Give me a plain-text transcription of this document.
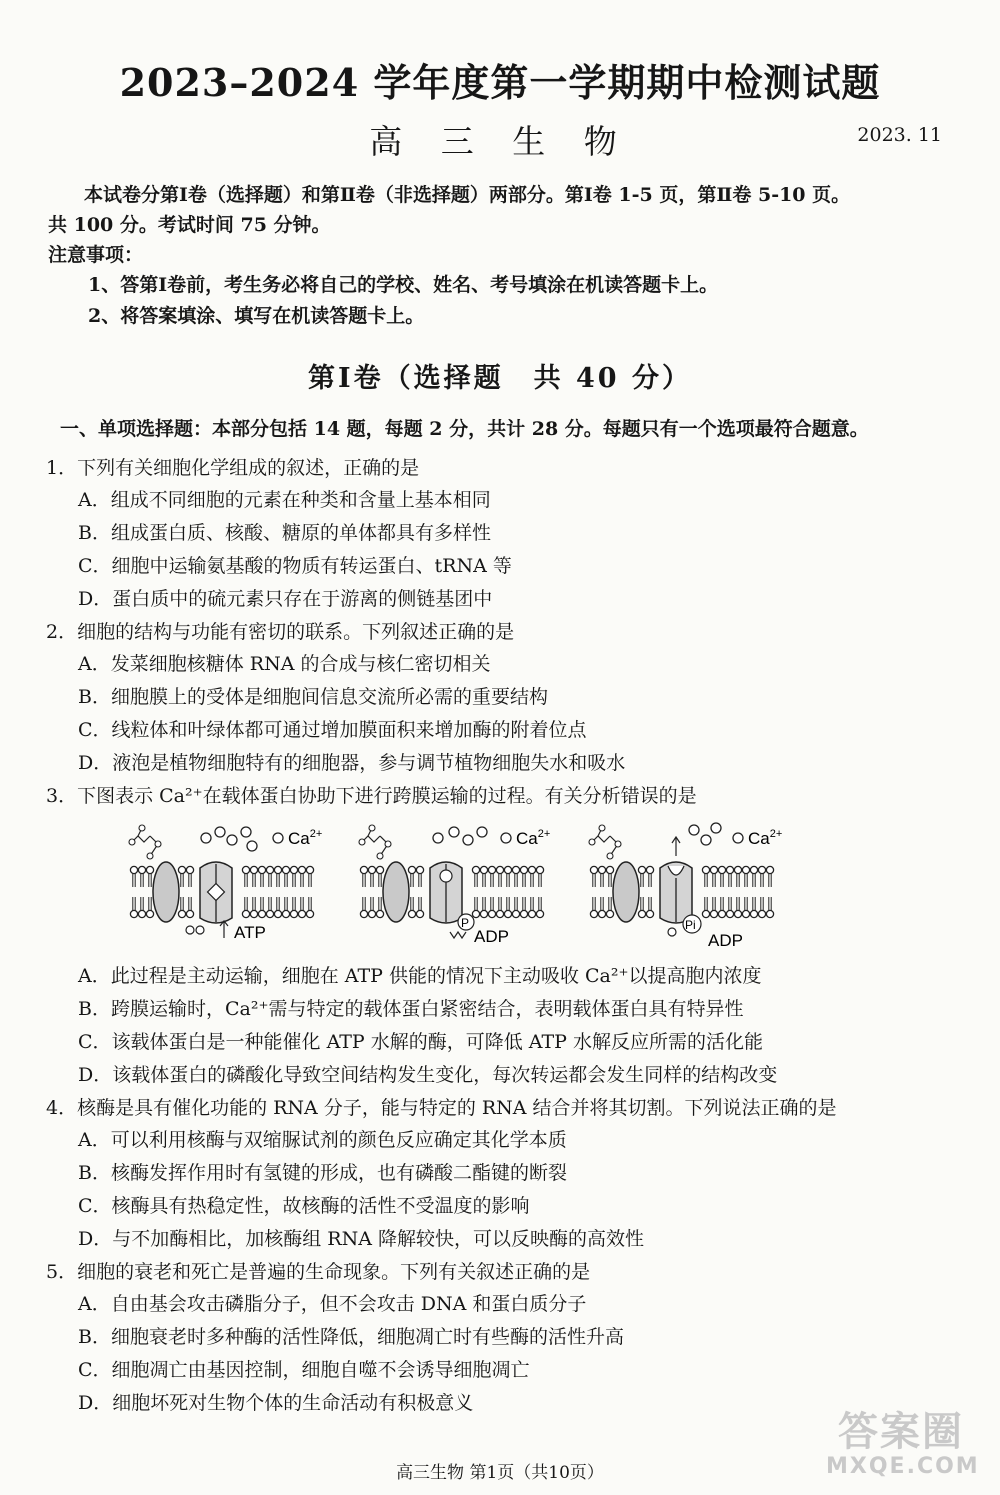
2023–2024 学年度第一学期期中检测试题
高 三 生 物	2023. 11

本试卷分第Ⅰ卷（选择题）和第Ⅱ卷（非选择题）两部分。第Ⅰ卷 1-5 页，第Ⅱ卷 5-10 页。

共 100 分。考试时间 75 分钟。

注意事项：

1、答第Ⅰ卷前，考生务必将自己的学校、姓名、考号填涂在机读答题卡上。
2、将答案填涂、填写在机读答题卡上。
第Ⅰ卷（选择题　共 40 分）
一、单项选择题：本部分包括 14 题，每题 2 分，共计 28 分。每题只有一个选项最符合题意。
1．下列有关细胞化学组成的叙述，正确的是
A．组成不同细胞的元素在种类和含量上基本相同
B．组成蛋白质、核酸、糖原的单体都具有多样性
C．细胞中运输氨基酸的物质有转运蛋白、tRNA 等
D．蛋白质中的硫元素只存在于游离的侧链基团中
2．细胞的结构与功能有密切的联系。下列叙述正确的是
A．发菜细胞核糖体 RNA 的合成与核仁密切相关
B．细胞膜上的受体是细胞间信息交流所必需的重要结构
C．线粒体和叶绿体都可通过增加膜面积来增加酶的附着位点
D．液泡是植物细胞特有的细胞器，参与调节植物细胞失水和吸水
3．下图表示 Ca²⁺在载体蛋白协助下进行跨膜运输的过程。有关分析错误的是
$Ca^{2+}$
ATP
$Ca^{2+}$
P
ADP
$Ca^{2+}$
Pi
ADP
A．此过程是主动运输，细胞在 ATP 供能的情况下主动吸收 Ca²⁺以提高胞内浓度
B．跨膜运输时，Ca²⁺需与特定的载体蛋白紧密结合，表明载体蛋白具有特异性
C．该载体蛋白是一种能催化 ATP 水解的酶，可降低 ATP 水解反应所需的活化能
D．该载体蛋白的磷酸化导致空间结构发生变化，每次转运都会发生同样的结构改变
4．核酶是具有催化功能的 RNA 分子，能与特定的 RNA 结合并将其切割。下列说法正确的是
A．可以利用核酶与双缩脲试剂的颜色反应确定其化学本质
B．核酶发挥作用时有氢键的形成，也有磷酸二酯键的断裂
C．核酶具有热稳定性，故核酶的活性不受温度的影响
D．与不加酶相比，加核酶组 RNA 降解较快，可以反映酶的高效性
5．细胞的衰老和死亡是普遍的生命现象。下列有关叙述正确的是
A．自由基会攻击磷脂分子，但不会攻击 DNA 和蛋白质分子
B．细胞衰老时多种酶的活性降低，细胞凋亡时有些酶的活性升高
C．细胞凋亡由基因控制，细胞自噬不会诱导细胞凋亡
D．细胞坏死对生物个体的生命活动有积极意义
答案圈
MXQE.COM
高三生物 第1页（共10页）
